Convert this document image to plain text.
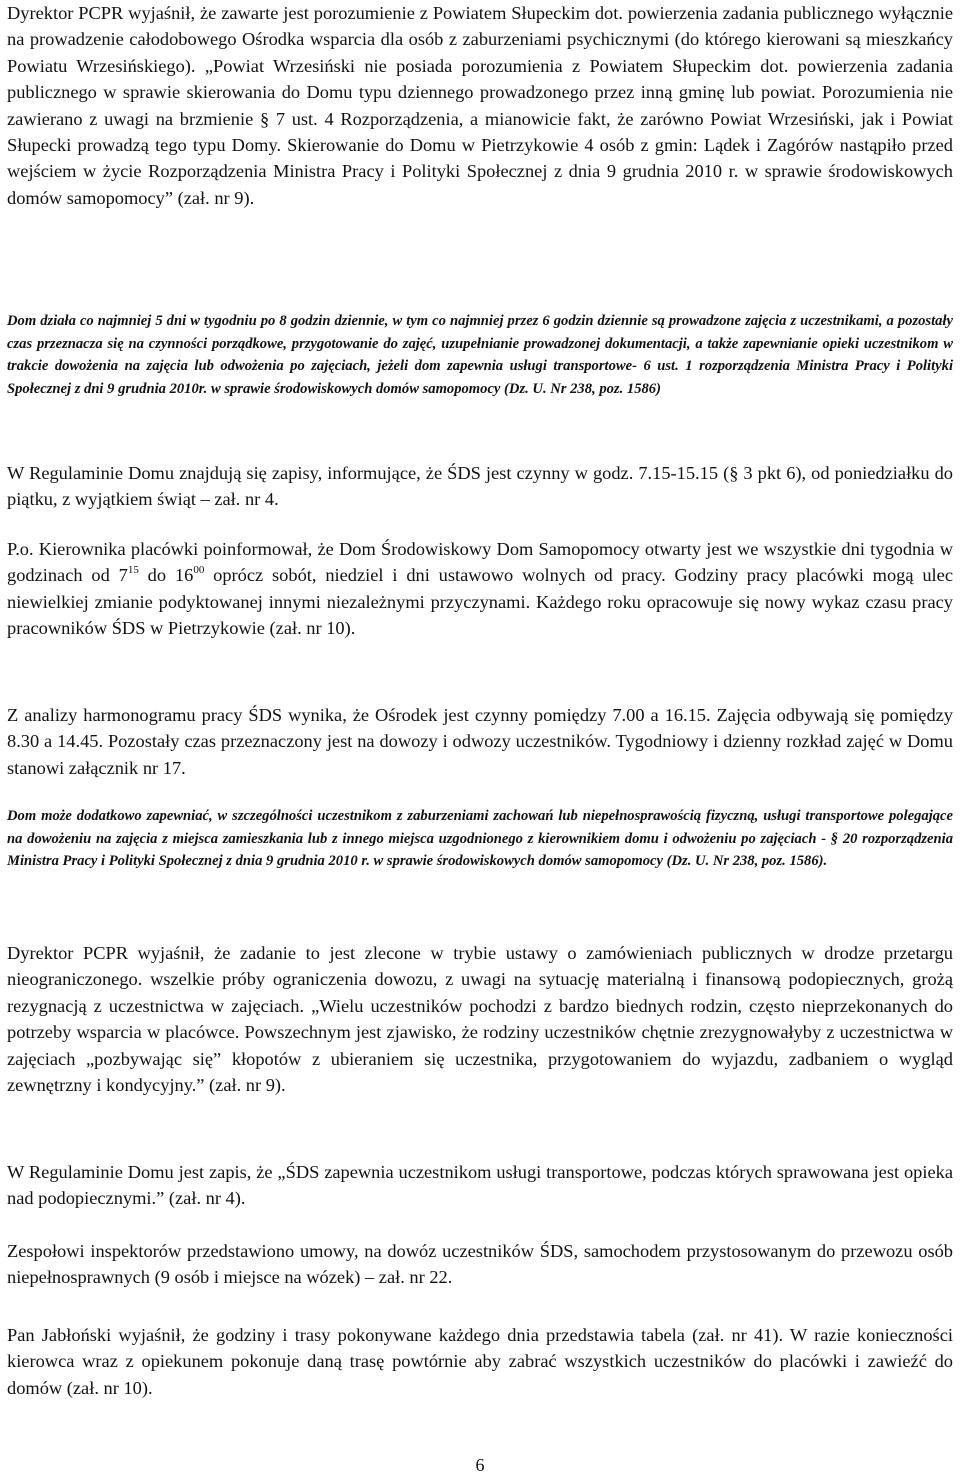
Dyrektor PCPR wyjaśnił, że zawarte jest porozumienie z Powiatem Słupeckim dot. powierzenia zadania publicznego wyłącznie na prowadzenie całodobowego Ośrodka wsparcia dla osób z zaburzeniami psychicznymi (do którego kierowani są mieszkańcy Powiatu Wrzesińskiego). „Powiat Wrzesiński nie posiada porozumienia z Powiatem Słupeckim dot. powierzenia zadania publicznego w sprawie skierowania do Domu typu dziennego prowadzonego przez inną gminę lub powiat. Porozumienia nie zawierano z uwagi na brzmienie § 7 ust. 4 Rozporządzenia, a mianowicie fakt, że zarówno Powiat Wrzesiński, jak i Powiat Słupecki prowadzą tego typu Domy. Skierowanie do Domu w Pietrzykowie 4 osób z gmin: Lądek i Zagórów nastąpiło przed wejściem w życie Rozporządzenia Ministra Pracy i Polityki Społecznej z dnia 9 grudnia 2010 r. w sprawie środowiskowych domów samopomocy” (zał. nr 9).

Dom działa co najmniej 5 dni w tygodniu po 8 godzin dziennie, w tym co najmniej przez 6 godzin dziennie są prowadzone zajęcia z uczestnikami, a pozostały czas przeznacza się na czynności porządkowe, przygotowanie do zajęć, uzupełnianie prowadzonej dokumentacji, a także zapewnianie opieki uczestnikom w trakcie dowożenia na zajęcia lub odwożenia po zajęciach, jeżeli dom zapewnia usługi transportowe- 6 ust. 1 rozporządzenia Ministra Pracy i Polityki Społecznej z dni 9 grudnia 2010r. w sprawie środowiskowych domów samopomocy (Dz. U. Nr 238, poz. 1586)

W Regulaminie Domu znajdują się zapisy, informujące, że ŚDS jest czynny w godz. 7.15-15.15 (§ 3 pkt 6), od poniedziałku do piątku, z wyjątkiem świąt – zał. nr 4.

P.o. Kierownika placówki poinformował, że Dom Środowiskowy Dom Samopomocy otwarty jest we wszystkie dni tygodnia w godzinach od $7^{15}$ do $16^{00}$ oprócz sobót, niedziel i dni ustawowo wolnych od pracy. Godziny pracy placówki mogą ulec niewielkiej zmianie podyktowanej innymi niezależnymi przyczynami. Każdego roku opracowuje się nowy wykaz czasu pracy pracowników ŚDS w Pietrzykowie (zał. nr 10).

Z analizy harmonogramu pracy ŚDS wynika, że Ośrodek jest czynny pomiędzy 7.00 a 16.15. Zajęcia odbywają się pomiędzy 8.30 a 14.45. Pozostały czas przeznaczony jest na dowozy i odwozy uczestników. Tygodniowy i dzienny rozkład zajęć w Domu stanowi załącznik nr 17.

Dom może dodatkowo zapewniać, w szczególności uczestnikom z zaburzeniami zachowań lub niepełnosprawością fizyczną, usługi transportowe polegające na dowożeniu na zajęcia z miejsca zamieszkania lub z innego miejsca uzgodnionego z kierownikiem domu i odwożeniu po zajęciach - § 20 rozporządzenia Ministra Pracy i Polityki Społecznej z dnia 9 grudnia 2010 r. w sprawie środowiskowych domów samopomocy (Dz. U. Nr 238, poz. 1586).

Dyrektor PCPR wyjaśnił, że zadanie to jest zlecone w trybie ustawy o zamówieniach publicznych w drodze przetargu nieograniczonego. wszelkie próby ograniczenia dowozu, z uwagi na sytuację materialną i finansową podopiecznych, grożą rezygnacją z uczestnictwa w zajęciach. „Wielu uczestników pochodzi z bardzo biednych rodzin, często nieprzekonanych do potrzeby wsparcia w placówce. Powszechnym jest zjawisko, że rodziny uczestników chętnie zrezygnowałyby z uczestnictwa w zajęciach „pozbywając się” kłopotów z ubieraniem się uczestnika, przygotowaniem do wyjazdu, zadbaniem o wygląd zewnętrzny i kondycyjny.” (zał. nr 9).

W Regulaminie Domu jest zapis, że „ŚDS zapewnia uczestnikom usługi transportowe, podczas których sprawowana jest opieka nad podopiecznymi.” (zał. nr 4).

Zespołowi inspektorów przedstawiono umowy, na dowóz uczestników ŚDS, samochodem przystosowanym do przewozu osób niepełnosprawnych (9 osób i miejsce na wózek) – zał. nr 22.

Pan Jabłoński wyjaśnił, że godziny i trasy pokonywane każdego dnia przedstawia tabela (zał. nr 41). W razie konieczności kierowca wraz z opiekunem pokonuje daną trasę powtórnie aby zabrać wszystkich uczestników do placówki i zawieźć do domów (zał. nr 10).

6
